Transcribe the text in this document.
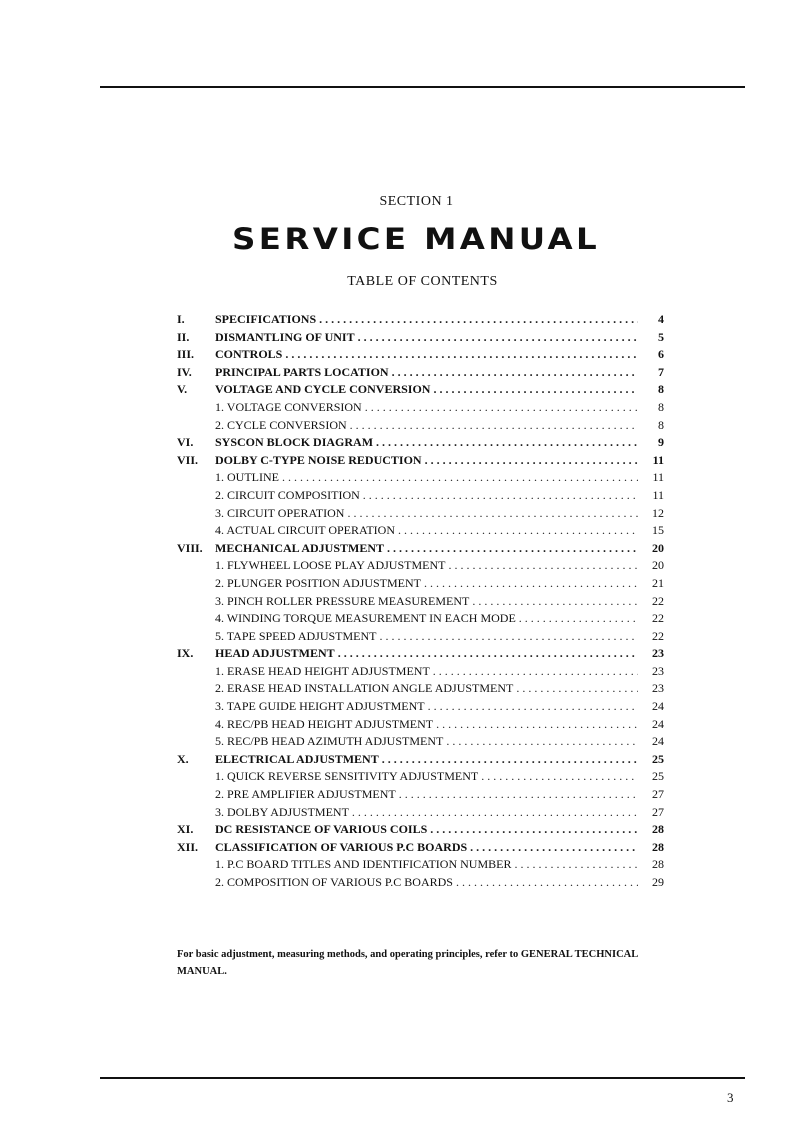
SECTION 1
SERVICE MANUAL
TABLE OF CONTENTS
I.	SPECIFICATIONS . . .	4
II.	DISMANTLING OF UNIT . . .	5
III.	CONTROLS . . .	6
IV.	PRINCIPAL PARTS LOCATION . . .	7
V.	VOLTAGE AND CYCLE CONVERSION . . .	8
1. VOLTAGE CONVERSION . . .	8
2. CYCLE CONVERSION . . .	8
VI.	SYSCON BLOCK DIAGRAM . . .	9
VII.	DOLBY C-TYPE NOISE REDUCTION . . .	11
1. OUTLINE . . .	11
2. CIRCUIT COMPOSITION . . .	11
3. CIRCUIT OPERATION . . .	12
4. ACTUAL CIRCUIT OPERATION . . .	15
VIII.	MECHANICAL ADJUSTMENT . . .	20
1. FLYWHEEL LOOSE PLAY ADJUSTMENT . . .	20
2. PLUNGER POSITION ADJUSTMENT . . .	21
3. PINCH ROLLER PRESSURE MEASUREMENT . . .	22
4. WINDING TORQUE MEASUREMENT IN EACH MODE . . .	22
5. TAPE SPEED ADJUSTMENT . . .	22
IX.	HEAD ADJUSTMENT . . .	23
1. ERASE HEAD HEIGHT ADJUSTMENT . . .	23
2. ERASE HEAD INSTALLATION ANGLE ADJUSTMENT . . .	23
3. TAPE GUIDE HEIGHT ADJUSTMENT . . .	24
4. REC/PB HEAD HEIGHT ADJUSTMENT . . .	24
5. REC/PB HEAD AZIMUTH ADJUSTMENT . . .	24
X.	ELECTRICAL ADJUSTMENT . . .	25
1. QUICK REVERSE SENSITIVITY ADJUSTMENT . . .	25
2. PRE AMPLIFIER ADJUSTMENT . . .	27
3. DOLBY ADJUSTMENT . . .	27
XI.	DC RESISTANCE OF VARIOUS COILS . . .	28
XII.	CLASSIFICATION OF VARIOUS P.C BOARDS . . .	28
1. P.C BOARD TITLES AND IDENTIFICATION NUMBER . . .	28
2. COMPOSITION OF VARIOUS P.C BOARDS . . .	29
For basic adjustment, measuring methods, and operating principles, refer to GENERAL TECHNICAL MANUAL.
3
